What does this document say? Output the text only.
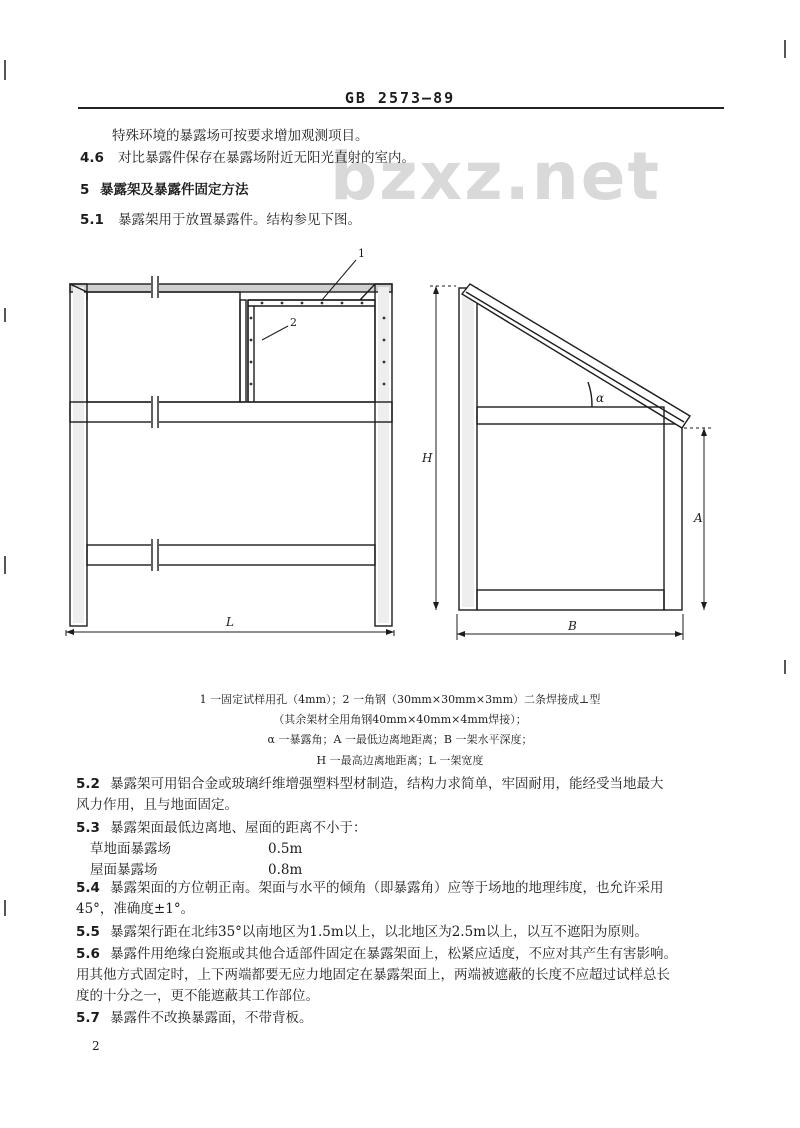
GB 2573—89
bzxz.net
特殊环境的暴露场可按要求增加观测项目。
4.6 对比暴露件保存在暴露场附近无阳光直射的室内。
5 暴露架及暴露件固定方法
5.1 暴露架用于放置暴露件。结构参见下图。
1
2
L
α
H
A
B
1 一固定试样用孔（4mm）；2 一角钢（30mm×30mm×3mm）二条焊接成⊥型
（其余架材全用角钢40mm×40mm×4mm焊接）；
α 一暴露角；A 一最低边离地距离；B 一架水平深度；
H 一最高边离地距离；L 一架宽度
5.2 暴露架可用铝合金或玻璃纤维增强塑料型材制造，结构力求简单，牢固耐用，能经受当地最大
风力作用，且与地面固定。
5.3 暴露架面最低边离地、屋面的距离不小于：
草地面暴露场	0.5m
屋面暴露场	0.8m
5.4 暴露架面的方位朝正南。架面与水平的倾角（即暴露角）应等于场地的地理纬度，也允许采用
45°，准确度±1°。
5.5 暴露架行距在北纬35°以南地区为1.5m以上，以北地区为2.5m以上，以互不遮阳为原则。
5.6 暴露件用绝缘白瓷瓶或其他合适部件固定在暴露架面上，松紧应适度，不应对其产生有害影响。
用其他方式固定时，上下两端都要无应力地固定在暴露架面上，两端被遮蔽的长度不应超过试样总长
度的十分之一，更不能遮蔽其工作部位。
5.7 暴露件不改换暴露面，不带背板。
2
